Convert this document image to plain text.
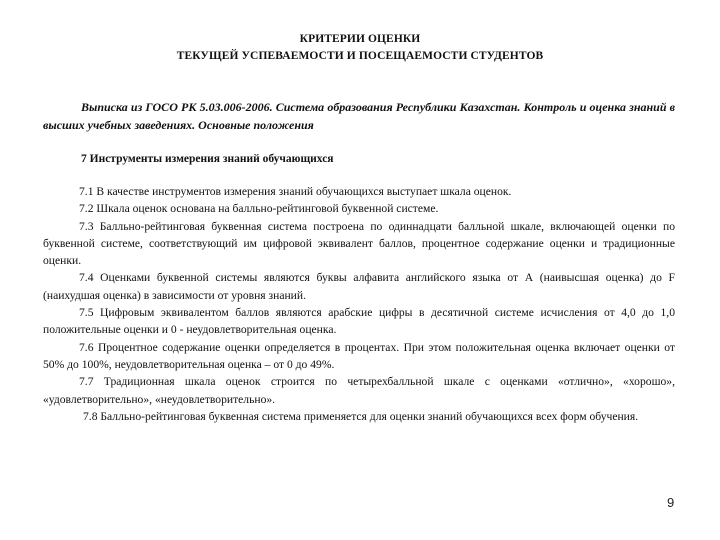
КРИТЕРИИ ОЦЕНКИ
ТЕКУЩЕЙ УСПЕВАЕМОСТИ И ПОСЕЩАЕМОСТИ СТУДЕНТОВ
Выписка из ГОСО РК 5.03.006-2006. Система образования Республики Казахстан. Контроль и оценка знаний в высших учебных заведениях. Основные положения
7 Инструменты измерения знаний обучающихся

7.1 В качестве инструментов измерения знаний обучающихся выступает шкала оценок.

7.2 Шкала оценок основана на балльно-рейтинговой буквенной системе.

7.3 Балльно-рейтинговая буквенная система построена по одиннадцати балльной шкале, включающей оценки по буквенной системе, соответствующий им цифровой эквивалент баллов, процентное содержание оценки и традиционные оценки.

7.4 Оценками буквенной системы являются буквы алфавита английского языка от А (наивысшая оценка) до F (наихудшая оценка) в зависимости от уровня знаний.

7.5 Цифровым эквивалентом баллов являются арабские цифры в десятичной системе исчисления от 4,0 до 1,0 положительные оценки и 0 - неудовлетворительная оценка.

7.6 Процентное содержание оценки определяется в процентах. При этом положительная оценка включает оценки от 50% до 100%, неудовлетворительная оценка – от 0 до 49%.

7.7 Традиционная шкала оценок строится по четырехбалльной шкале с оценками «отлично», «хорошо», «удовлетворительно», «неудовлетворительно».

7.8 Балльно-рейтинговая буквенная система применяется для оценки знаний обучающихся всех форм обучения.

9
